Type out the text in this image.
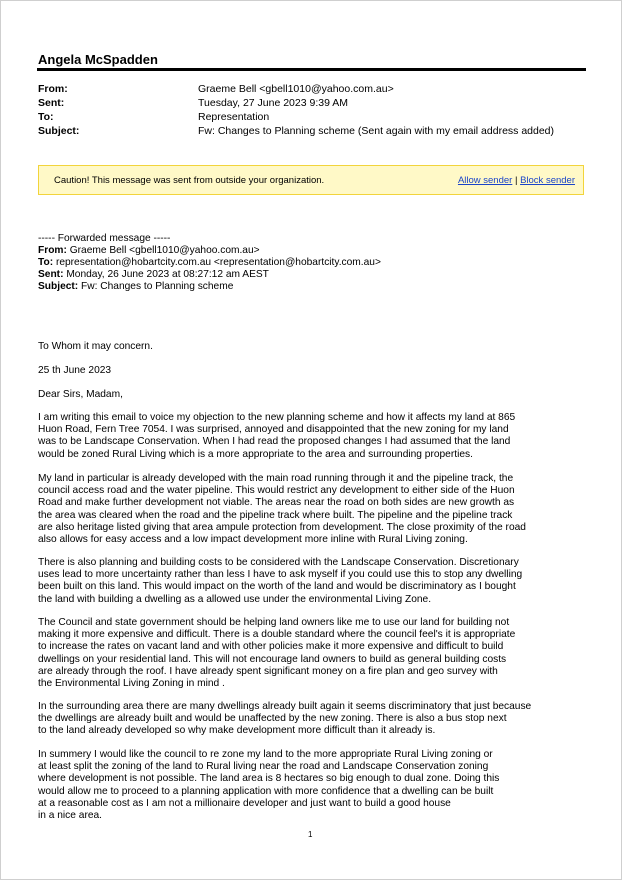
Angela McSpadden
From:	Graeme Bell <gbell1010@yahoo.com.au>
Sent:	Tuesday, 27 June 2023 9:39 AM
To:	Representation
Subject:	Fw: Changes to Planning scheme (Sent again with my email address added)
Caution! This message was sent from outside your organization.	Allow sender | Block sender
----- Forwarded message -----
From: Graeme Bell <gbell1010@yahoo.com.au>
To: representation@hobartcity.com.au <representation@hobartcity.com.au>
Sent: Monday, 26 June 2023 at 08:27:12 am AEST
Subject: Fw: Changes to Planning scheme
To Whom it may concern.
25 th June 2023
Dear Sirs, Madam,
I am writing this email to voice my objection to the new planning scheme and how it affects my land at 865
Huon Road, Fern Tree 7054. I was surprised, annoyed and disappointed that the new zoning for my land
was to be Landscape Conservation. When I had read the proposed changes I had assumed that the land
would be zoned Rural Living which is a more appropriate to the area and surrounding properties.
My land in particular is already developed with the main road running through it and the pipeline track, the
council access road and the water pipeline. This would restrict any development to either side of the Huon
Road and make further development not viable. The areas near the road on both sides are new growth as
the area was cleared when the road and the pipeline track where built. The pipeline and the pipeline track
are also heritage listed giving that area ampule protection from development. The close proximity of the road
also allows for easy access and a low impact development more inline with Rural Living zoning.
There is also planning and building costs to be considered with the Landscape Conservation. Discretionary
uses lead to more uncertainty rather than less I have to ask myself if you could use this to stop any dwelling
been built on this land. This would impact on the worth of the land and would be discriminatory as I bought
the land with building a dwelling as a allowed use under the environmental Living Zone.
The Council and state government should be helping land owners like me to use our land for building not
making it more expensive and difficult. There is a double standard where the council feel's it is appropriate
to increase the rates on vacant land and with other policies make it more expensive and difficult to build
dwellings on your residential land. This will not encourage land owners to build as general building costs
are already through the roof. I have already spent significant money on a fire plan and geo survey with
the Environmental Living Zoning in mind .
In the surrounding area there are many dwellings already built again it seems discriminatory that just because
the dwellings are already built and would be unaffected by the new zoning. There is also a bus stop next
to the land already developed so why make development more difficult than it already is.
In summery I would like the council to re zone my land to the more appropriate Rural Living zoning or
at least split the zoning of the land to Rural living near the road and Landscape Conservation zoning
where development is not possible. The land area is 8 hectares so big enough to dual zone. Doing this
would allow me to proceed to a planning application with more confidence that a dwelling can be built
at a reasonable cost as I am not a millionaire developer and just want to build a good house
in a nice area.
1
